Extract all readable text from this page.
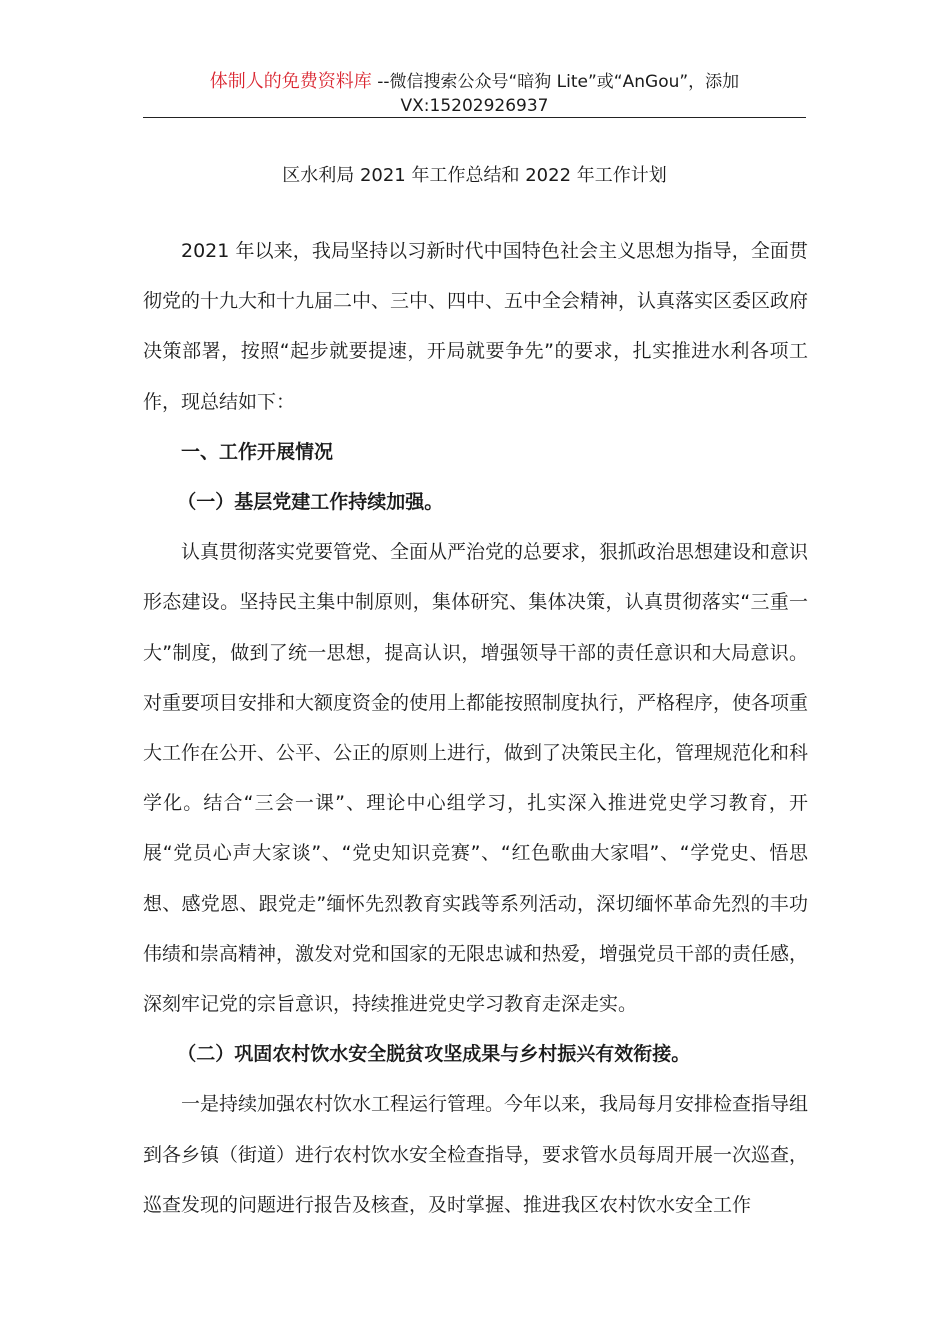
体制人的免费资料库 --微信搜索公众号“暗狗 Lite”或“AnGou”，添加
VX:15202926937
区水利局 2021 年工作总结和 2022 年工作计划

2021 年以来，我局坚持以习新时代中国特色社会主义思想为指导，全面贯彻党的十九大和十九届二中、三中、四中、五中全会精神，认真落实区委区政府决策部署，按照“起步就要提速，开局就要争先”的要求，扎实推进水利各项工作，现总结如下：

一、工作开展情况

（一）基层党建工作持续加强。

认真贯彻落实党要管党、全面从严治党的总要求，狠抓政治思想建设和意识形态建设。坚持民主集中制原则，集体研究、集体决策，认真贯彻落实“三重一大”制度，做到了统一思想，提高认识，增强领导干部的责任意识和大局意识。对重要项目安排和大额度资金的使用上都能按照制度执行，严格程序，使各项重大工作在公开、公平、公正的原则上进行，做到了决策民主化，管理规范化和科学化。结合“三会一课”、理论中心组学习，扎实深入推进党史学习教育，开展“党员心声大家谈”、“党史知识竞赛”、“红色歌曲大家唱”、“学党史、悟思想、感党恩、跟党走”缅怀先烈教育实践等系列活动，深切缅怀革命先烈的丰功伟绩和崇高精神，激发对党和国家的无限忠诚和热爱，增强党员干部的责任感，深刻牢记党的宗旨意识，持续推进党史学习教育走深走实。

（二）巩固农村饮水安全脱贫攻坚成果与乡村振兴有效衔接。

一是持续加强农村饮水工程运行管理。今年以来，我局每月安排检查指导组到各乡镇（街道）进行农村饮水安全检查指导，要求管水员每周开展一次巡查，巡查发现的问题进行报告及核查，及时掌握、推进我区农村饮水安全工作
